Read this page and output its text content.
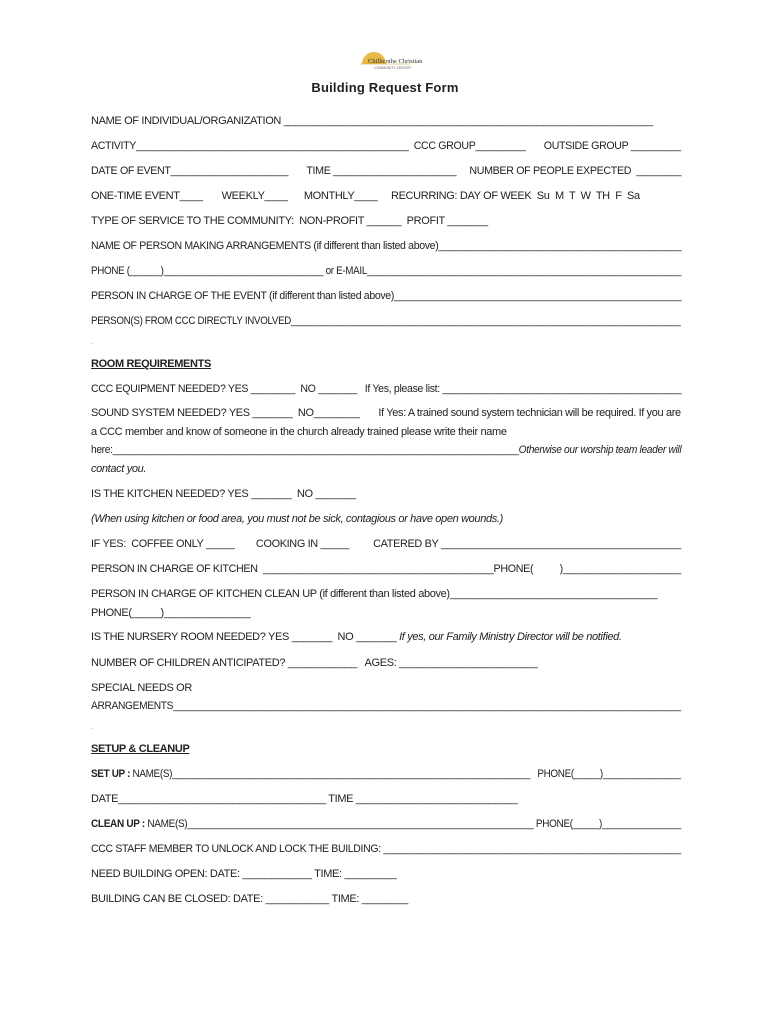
Chillicothe Christian
COMMUNITY CENTER
Building Request Form
NAME OF INDIVIDUAL/ORGANIZATION ________________________________________________________________
ACTIVITY_________________________________________________  CCC GROUP_________       OUTSIDE GROUP _________
DATE OF EVENT_____________________       TIME ______________________     NUMBER OF PEOPLE EXPECTED  ________
ONE-TIME EVENT____       WEEKLY____      MONTHLY____     RECURRING: DAY OF WEEK  Su  M  T  W  TH  F  Sa
TYPE OF SERVICE TO THE COMMUNITY:  NON-PROFIT ______  PROFIT _______
NAME OF PERSON MAKING ARRANGEMENTS (if different than listed above)____________________________________________
PHONE (______)_______________________________ or E-MAIL_____________________________________________________________
PERSON IN CHARGE OF THE EVENT (if different than listed above)____________________________________________________
PERSON(S) FROM CCC DIRECTLY INVOLVED____________________________________________________________________________
.
ROOM REQUIREMENTS
CCC EQUIPMENT NEEDED? YES ________  NO _______   If Yes, please list: ___________________________________________
SOUND SYSTEM NEEDED? YES _______  NO________       If Yes: A trained sound system technician will be required. If you are
a CCC member and know of someone in the church already trained please write their name
here:____________________________________________________________________________Otherwise our worship team leader will
contact you.
IS THE KITCHEN NEEDED? YES _______  NO _______
(When using kitchen or food area, you must not be sick, contagious or have open wounds.)
IF YES:  COFFEE ONLY _____        COOKING IN _____         CATERED BY __________________________________________
PERSON IN CHARGE OF KITCHEN  _________________________________________PHONE(          )_____________________
PERSON IN CHARGE OF KITCHEN CLEAN UP (if different than listed above)____________________________________
PHONE(_____)_______________
IS THE NURSERY ROOM NEEDED? YES _______  NO _______ If yes, our Family Ministry Director will be notified.
NUMBER OF CHILDREN ANTICIPATED? ____________   AGES: ________________________
SPECIAL NEEDS OR
ARRANGEMENTS_______________________________________________________________________________________________
.
SETUP & CLEANUP
SET UP : NAME(S)_____________________________________________________________________   PHONE(_____)_______________
DATE____________________________________ TIME ____________________________
CLEAN UP : NAME(S)__________________________________________________________________ PHONE(_____)_______________
CCC STAFF MEMBER TO UNLOCK AND LOCK THE BUILDING: ______________________________________________________
NEED BUILDING OPEN: DATE: ____________ TIME: _________
BUILDING CAN BE CLOSED: DATE: ___________ TIME: ________
